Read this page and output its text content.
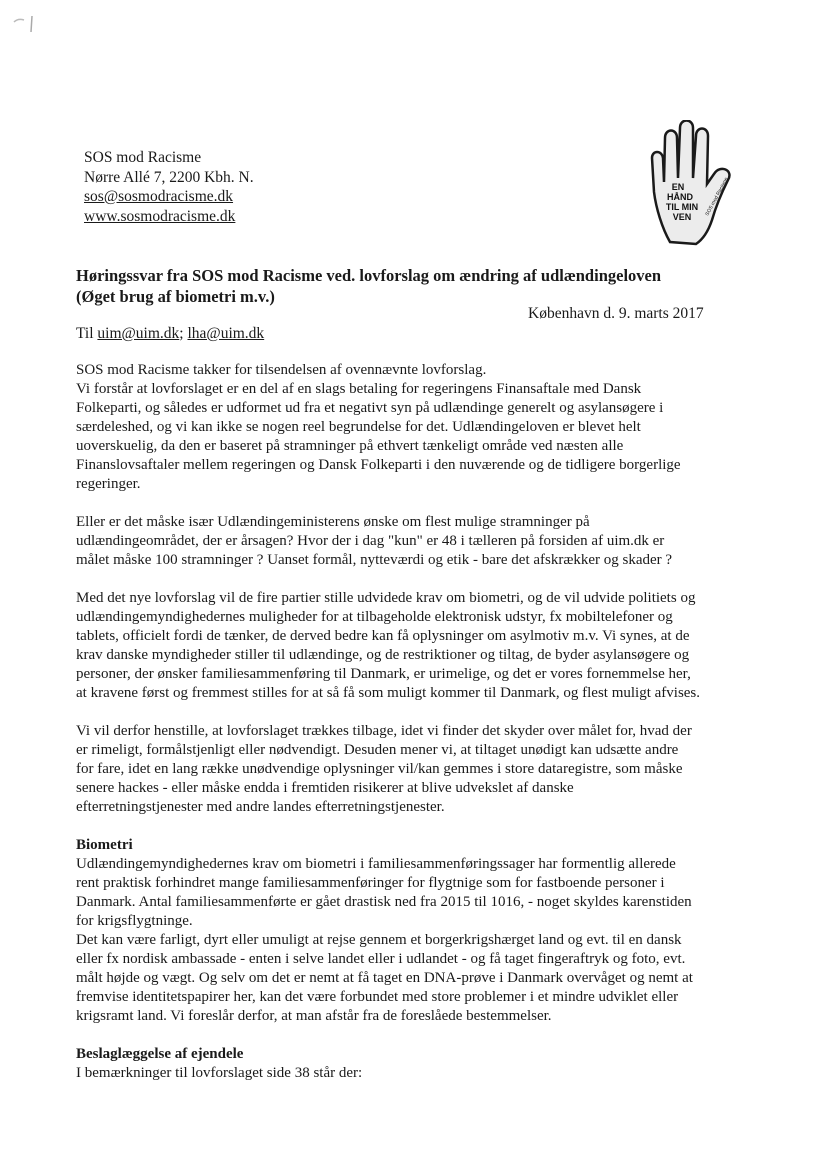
SOS mod Racisme
Nørre Allé 7, 2200 Kbh. N.
sos@sosmodracisme.dk
www.sosmodracisme.dk
EN
HÅND
TIL MIN
VEN
SOS mod Racisme
Høringssvar fra SOS mod Racisme ved. lovforslag om ændring af udlændingeloven
(Øget brug af biometri m.v.)
København d. 9. marts 2017
Til uim@uim.dk; lha@uim.dk

SOS mod Racisme takker for tilsendelsen af ovennævnte lovforslag.
Vi forstår at lovforslaget er en del af en slags betaling for regeringens Finansaftale med Dansk
Folkeparti, og således er udformet ud fra et negativt syn på udlændinge generelt og asylansøgere i
særdeleshed, og vi kan ikke se nogen reel begrundelse for det. Udlændingeloven er blevet helt
uoverskuelig, da den er baseret på stramninger på ethvert tænkeligt område ved næsten alle
Finanslovsaftaler mellem regeringen og Dansk Folkeparti i den nuværende og de tidligere borgerlige
regeringer.

Eller er det måske især Udlændingeministerens ønske om flest mulige stramninger på
udlændingeområdet, der er årsagen? Hvor der i dag "kun" er 48 i tælleren på forsiden af uim.dk er
målet måske 100 stramninger ? Uanset formål, nytteværdi og etik - bare det afskrækker og skader ?

Med det nye lovforslag vil de fire partier stille udvidede krav om biometri, og de vil udvide politiets og
udlændingemyndighedernes muligheder for at tilbageholde elektronisk udstyr, fx mobiltelefoner og
tablets, officielt fordi de tænker, de derved bedre kan få oplysninger om asylmotiv m.v. Vi synes, at de
krav danske myndigheder stiller til udlændinge, og de restriktioner og tiltag, de byder asylansøgere og
personer, der ønsker familiesammenføring til Danmark, er urimelige, og det er vores fornemmelse her,
at kravene først og fremmest stilles for at så få som muligt kommer til Danmark, og flest muligt afvises.

Vi vil derfor henstille, at lovforslaget trækkes tilbage, idet vi finder det skyder over målet for, hvad der
er rimeligt, formålstjenligt eller nødvendigt. Desuden mener vi, at tiltaget unødigt kan udsætte andre
for fare, idet en lang række unødvendige oplysninger vil/kan gemmes i store dataregistre, som måske
senere hackes - eller måske endda i fremtiden risikerer at blive udvekslet af danske
efterretningstjenester med andre landes efterretningstjenester.

Biometri
Udlændingemyndighedernes krav om biometri i familiesammenføringssager har formentlig allerede
rent praktisk forhindret mange familiesammenføringer for flygtnige som for fastboende personer i
Danmark. Antal familiesammenførte er gået drastisk ned fra 2015 til 1016, - noget skyldes karenstiden
for krigsflygtninge.
Det kan være farligt, dyrt eller umuligt at rejse gennem et borgerkrigshærget land og evt. til en dansk
eller fx nordisk ambassade - enten i selve landet eller i udlandet - og få taget fingeraftryk og foto, evt.
målt højde og vægt. Og selv om det er nemt at få taget en DNA-prøve i Danmark overvåget og nemt at
fremvise identitetspapirer her, kan det være forbundet med store problemer i et mindre udviklet eller
krigsramt land. Vi foreslår derfor, at man afstår fra de foreslåede bestemmelser.

Beslaglæggelse af ejendele
I bemærkninger til lovforslaget side 38 står der:
